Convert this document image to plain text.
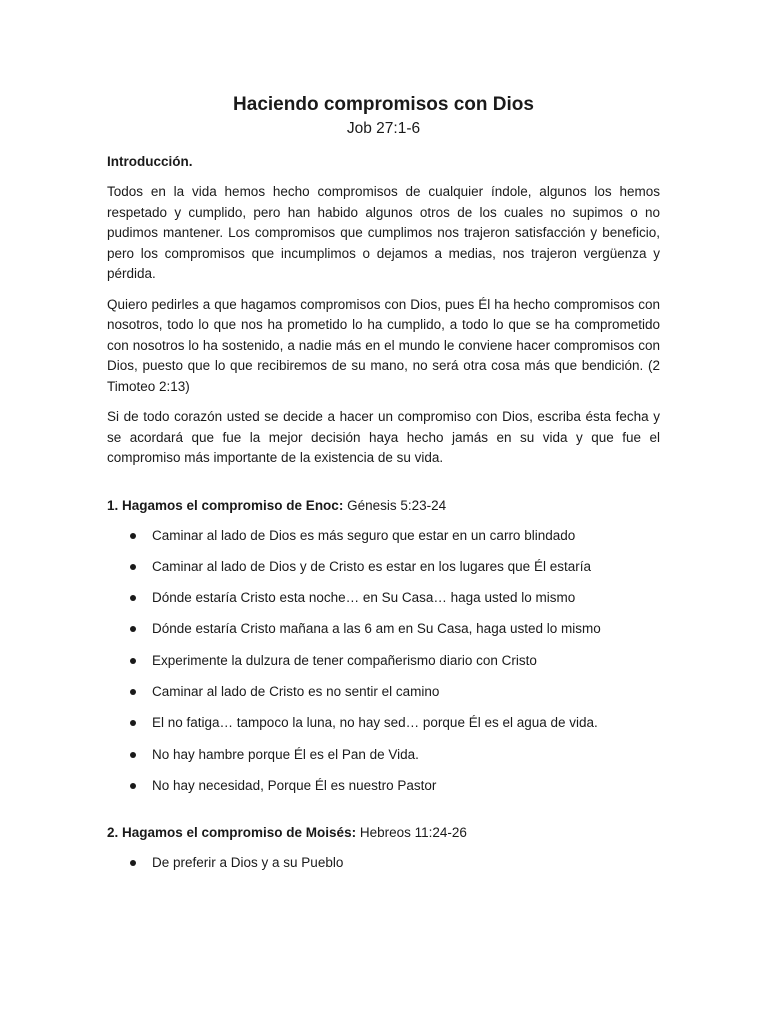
Haciendo compromisos con Dios
Job 27:1-6
Introducción.

Todos en la vida hemos hecho compromisos de cualquier índole, algunos los hemos respetado y cumplido, pero han habido algunos otros de los cuales no supimos o no pudimos mantener. Los compromisos que cumplimos nos trajeron satisfacción y beneficio, pero los compromisos que incumplimos o dejamos a medias, nos trajeron vergüenza y pérdida.

Quiero pedirles a que hagamos compromisos con Dios, pues Él ha hecho compromisos con nosotros, todo lo que nos ha prometido lo ha cumplido, a todo lo que se ha comprometido con nosotros lo ha sostenido, a nadie más en el mundo le conviene hacer compromisos con Dios, puesto que lo que recibiremos de su mano, no será otra cosa más que bendición. (2 Timoteo 2:13)

Si de todo corazón usted se decide a hacer un compromiso con Dios, escriba ésta fecha y se acordará que fue la mejor decisión haya hecho jamás en su vida y que fue el compromiso más importante de la existencia de su vida.

1. Hagamos el compromiso de Enoc: Génesis 5:23-24
Caminar al lado de Dios es más seguro que estar en un carro blindado
Caminar al lado de Dios y de Cristo es estar en los lugares que Él estaría
Dónde estaría Cristo esta noche… en Su Casa… haga usted lo mismo
Dónde estaría Cristo mañana a las 6 am en Su Casa, haga usted lo mismo
Experimente la dulzura de tener compañerismo diario con Cristo
Caminar al lado de Cristo es no sentir el camino
El no fatiga… tampoco la luna, no hay sed… porque Él es el agua de vida.
No hay hambre porque Él es el Pan de Vida.
No hay necesidad, Porque Él es nuestro Pastor
2. Hagamos el compromiso de Moisés: Hebreos 11:24-26
De preferir a Dios y a su Pueblo
